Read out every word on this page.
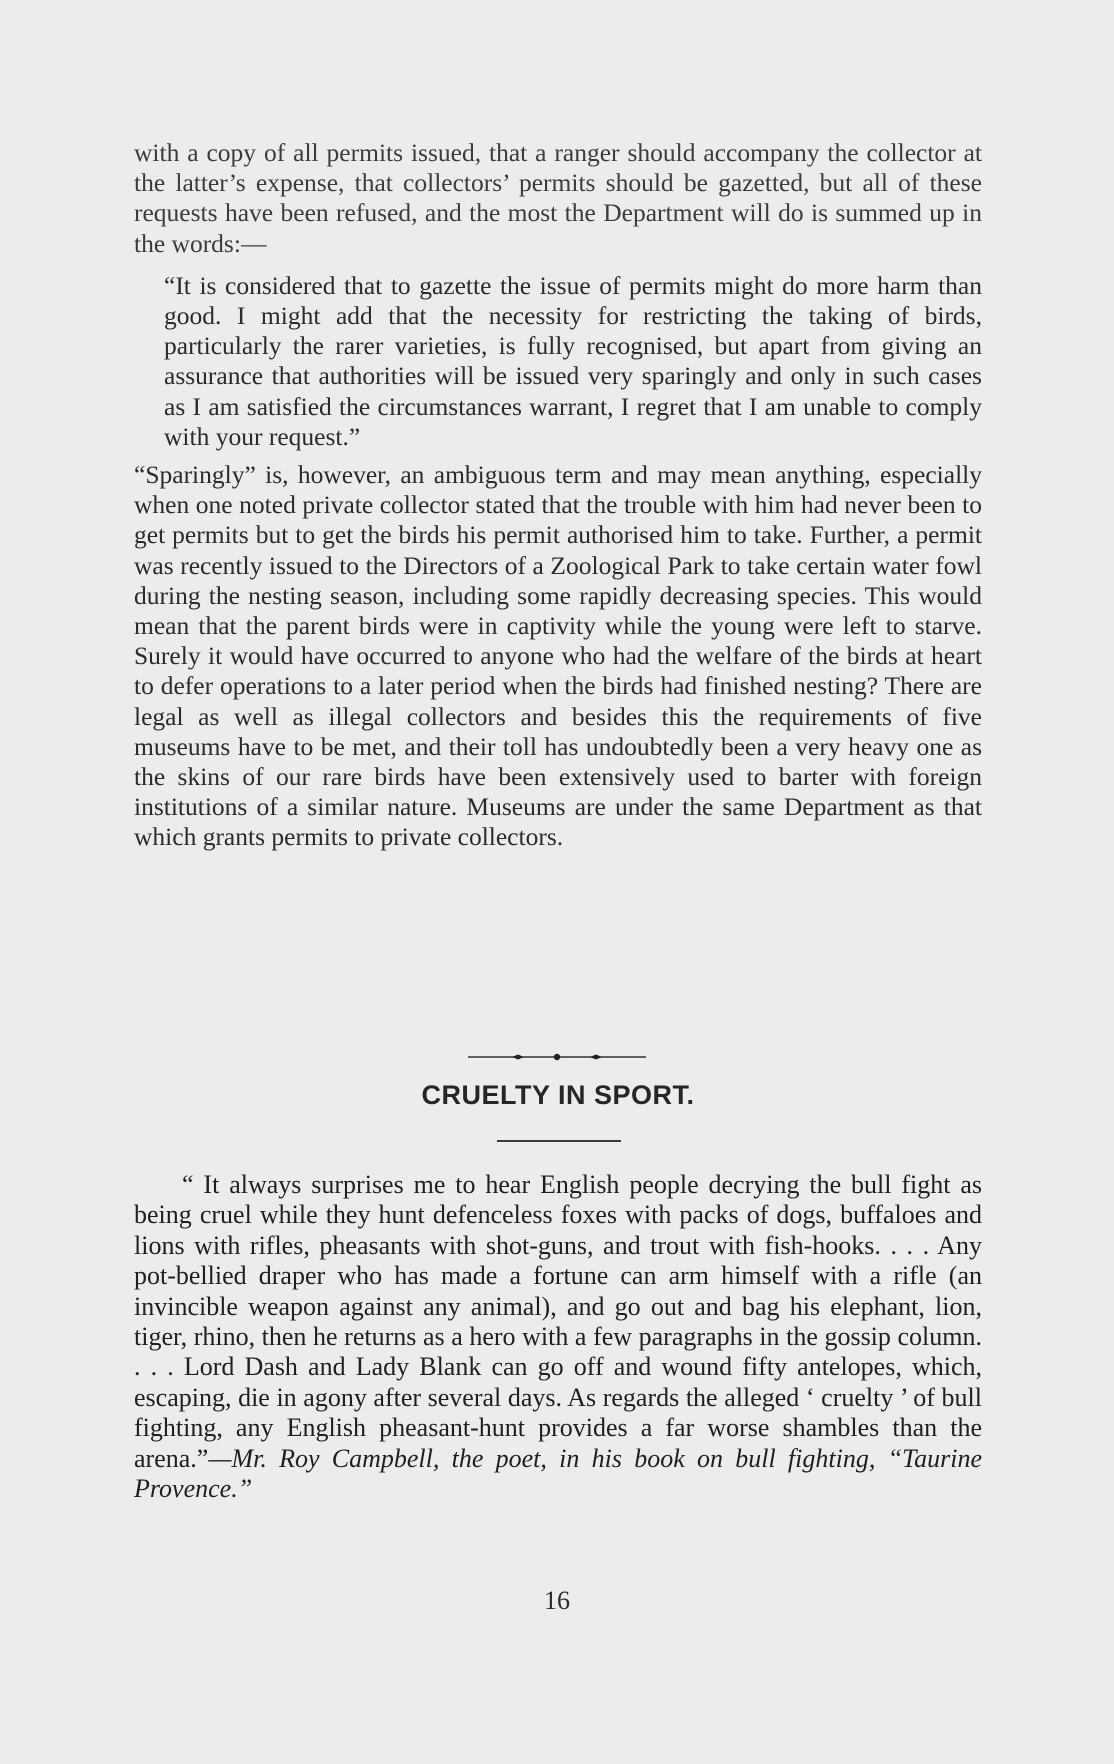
with a copy of all permits issued, that a ranger should accompany the collector at the latter’s expense, that collectors’ permits should be gazetted, but all of these requests have been refused, and the most the Department will do is summed up in the words:—

“It is considered that to gazette the issue of permits might do more harm than good. I might add that the necessity for restricting the taking of birds, particularly the rarer varieties, is fully recognised, but apart from giving an assurance that authorities will be issued very sparingly and only in such cases as I am satisfied the circumstances warrant, I regret that I am unable to comply with your request.”

“Sparingly” is, however, an ambiguous term and may mean anything, especially when one noted private collector stated that the trouble with him had never been to get permits but to get the birds his permit authorised him to take. Further, a permit was recently issued to the Directors of a Zoological Park to take certain water fowl during the nesting season, including some rapidly decreasing species. This would mean that the parent birds were in captivity while the young were left to starve. Surely it would have occurred to anyone who had the welfare of the birds at heart to defer operations to a later period when the birds had finished nesting? There are legal as well as illegal collectors and besides this the requirements of five museums have to be met, and their toll has undoubtedly been a very heavy one as the skins of our rare birds have been extensively used to barter with foreign institutions of a similar nature. Museums are under the same Department as that which grants permits to private collectors.

CRUELTY IN SPORT.

“ It always surprises me to hear English people decrying the bull fight as being cruel while they hunt defenceless foxes with packs of dogs, buffaloes and lions with rifles, pheasants with shot-guns, and trout with fish-hooks. . . . Any pot-bellied draper who has made a fortune can arm himself with a rifle (an invincible weapon against any animal), and go out and bag his elephant, lion, tiger, rhino, then he returns as a hero with a few paragraphs in the gossip column. . . . Lord Dash and Lady Blank can go off and wound fifty antelopes, which, escaping, die in agony after several days. As regards the alleged ‘ cruelty ’ of bull fighting, any English pheasant-hunt provides a far worse shambles than the arena.”—Mr. Roy Campbell, the poet, in his book on bull fighting, “Taurine Provence.”

16
